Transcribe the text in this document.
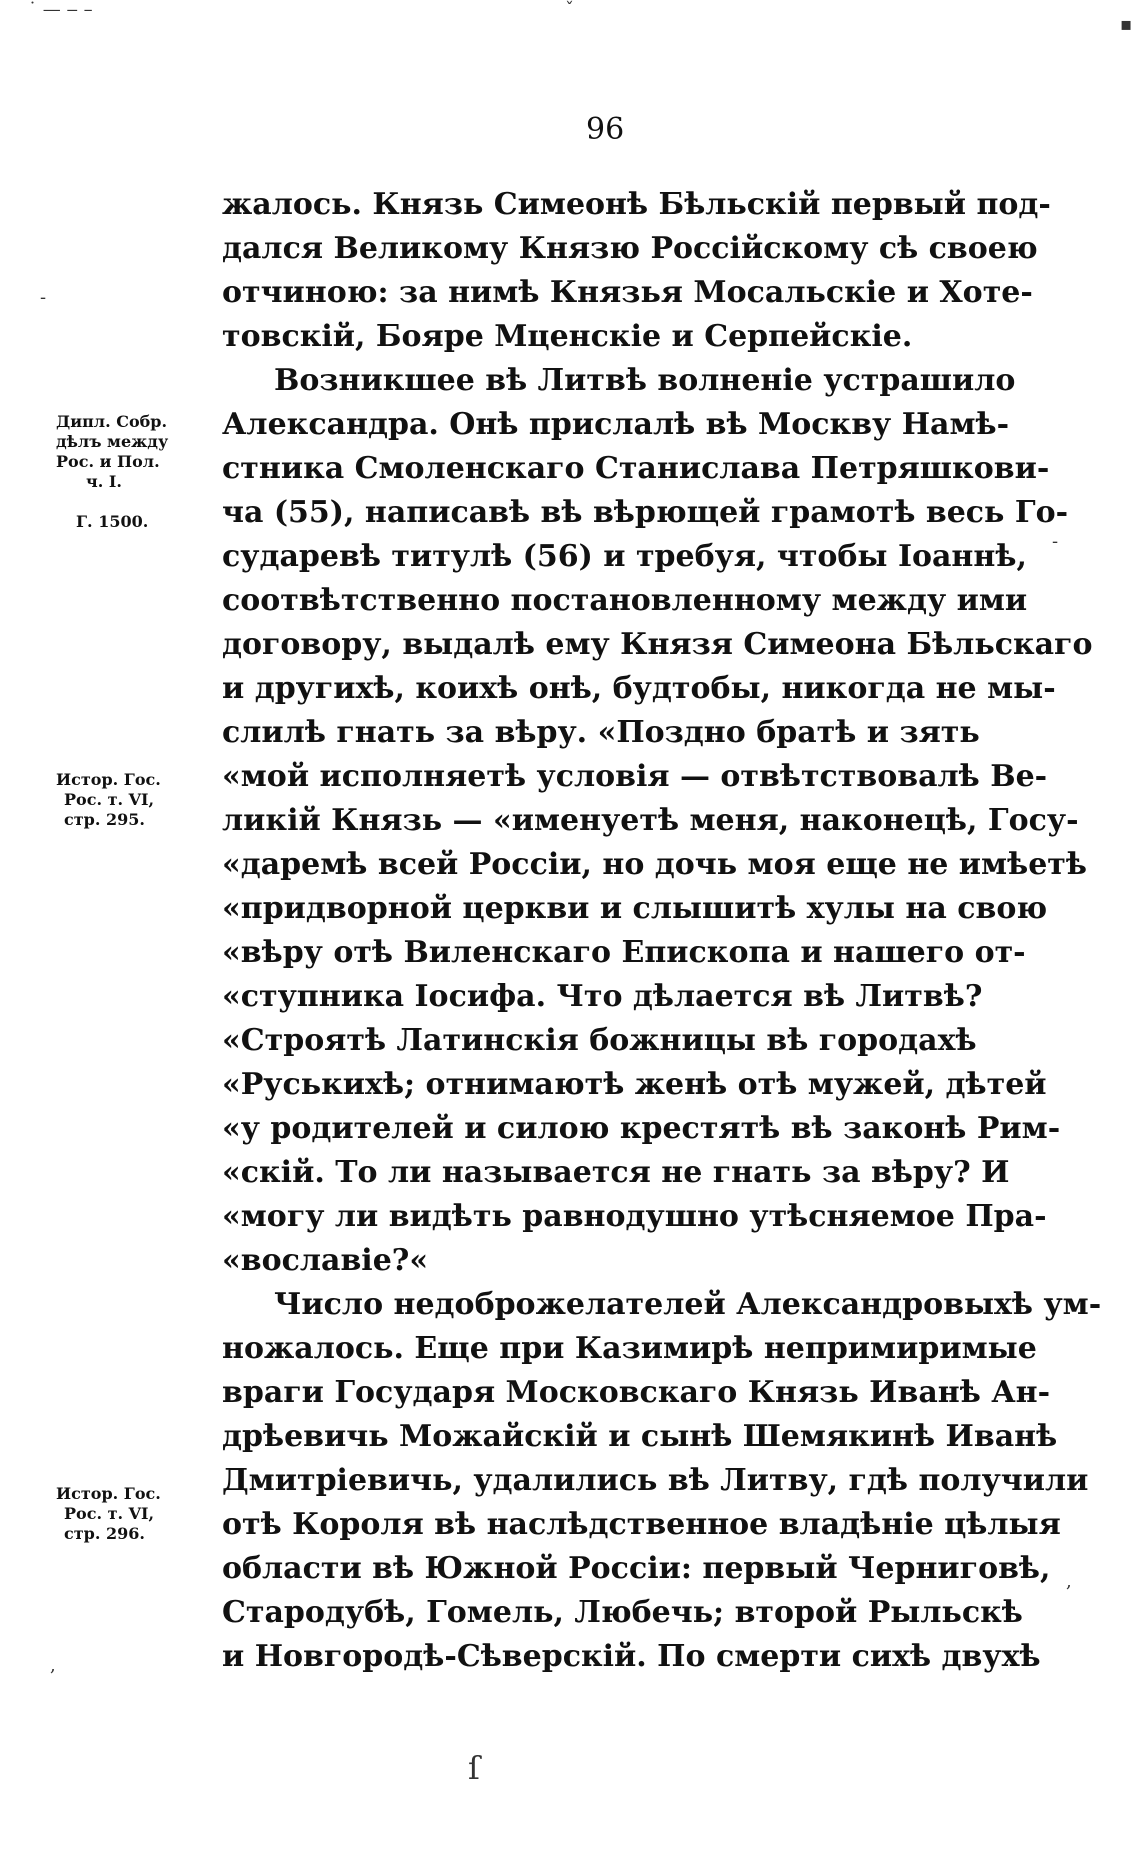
˙ — ‒ –	ˇ
▪
96
жалось. Князь Симеонѣ Бѣльскій первый под-
дался Великому Князю Россійскому сѣ своею
отчиною: за нимѣ Князья Мосальскіе и Хоте-
товскій, Бояре Мценскіе и Серпейскіе.
Возникшее вѣ Литвѣ волненіе устрашило
Александра. Онѣ прислалѣ вѣ Москву Намѣ-
стника Смоленскаго Станислава Петряшкови-
ча (55), написавѣ вѣ вѣрющей грамотѣ весь Го-
сударевѣ титулѣ (56) и требуя, чтобы Іоаннѣ,
соотвѣтственно постановленному между ими
договору, выдалѣ ему Князя Симеона Бѣльскаго
и другихѣ, коихѣ онѣ, будтобы, никогда не мы-
слилѣ гнать за вѣру. «Поздно братѣ и зять
«мой исполняетѣ условія — отвѣтствовалѣ Ве-
ликій Князь — «именуетѣ меня, наконецѣ, Госу-
«даремѣ всей Россіи, но дочь моя еще не имѣетѣ
«придворной церкви и слышитѣ хулы на свою
«вѣру отѣ Виленскаго Епископа и нашего от-
«ступника Іосифа. Что дѣлается вѣ Литвѣ?
«Строятѣ Латинскія божницы вѣ городахѣ
«Руськихѣ; отнимаютѣ женѣ отѣ мужей, дѣтей
«у родителей и силою крестятѣ вѣ законѣ Рим-
«скій. То ли называется не гнать за вѣру? И
«могу ли видѣть равнодушно утѣсняемое Пра-
«вославіе?«
Число недоброжелателей Александровыхѣ ум-
ножалось. Еще при Казимирѣ непримиримые
враги Государя Московскаго Князь Иванѣ Ан-
дрѣевичь Можайскій и сынѣ Шемякинѣ Иванѣ
Дмитріевичь, удалились вѣ Литву, гдѣ получили
отѣ Короля вѣ наслѣдственное владѣніе цѣлыя
области вѣ Южной Россіи: первый Черниговѣ,
Стародубѣ, Гомель, Любечь; второй Рыльскѣ
и Новгородѣ-Сѣверскій. По смерти сихѣ двухѣ
Дипл. Собр.
дѣлъ между
Рос. и Пол.
ч. I.
Г. 1500.
Истор. Гос.
Рос. т. VI,
стр. 295.
Истор. Гос.
Рос. т. VI,
стр. 296.
-
,
-
,
ſ
